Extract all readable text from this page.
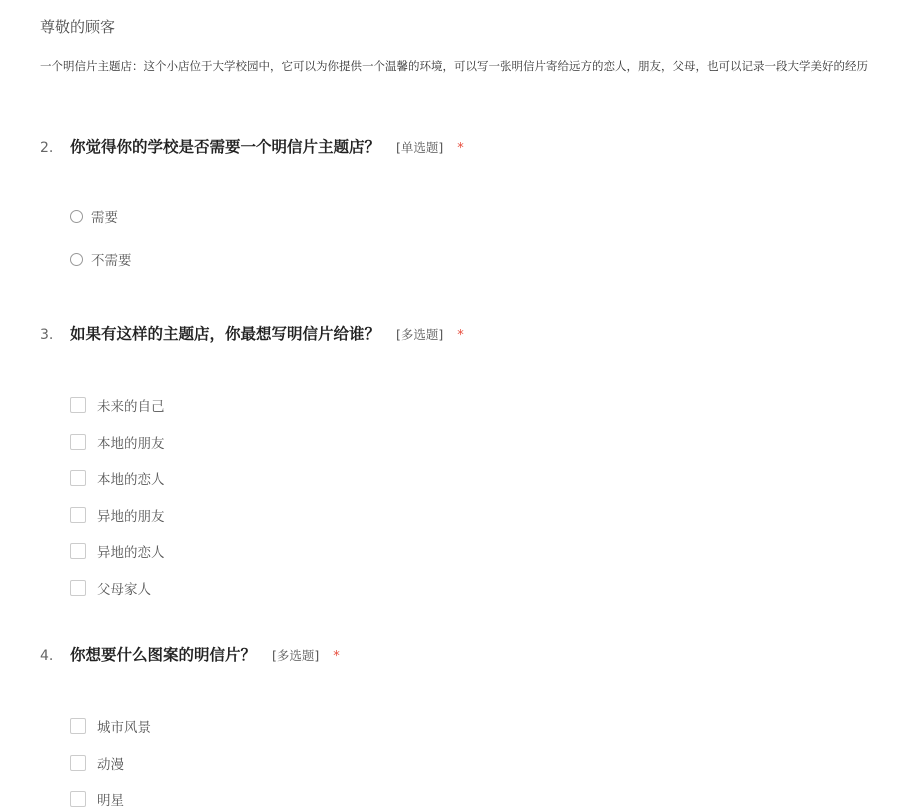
尊敬的顾客
一个明信片主题店：这个小店位于大学校园中，它可以为你提供一个温馨的环境，可以写一张明信片寄给远方的恋人，朋友，父母，也可以记录一段大学美好的经历
2.	你觉得你的学校是否需要一个明信片主题店？ [单选题] *
需要
不需要
3.	如果有这样的主题店，你最想写明信片给谁？ [多选题] *
未来的自己
本地的朋友
本地的恋人
异地的朋友
异地的恋人
父母家人
4.	你想要什么图案的明信片？ [多选题] *
城市风景
动漫
明星
